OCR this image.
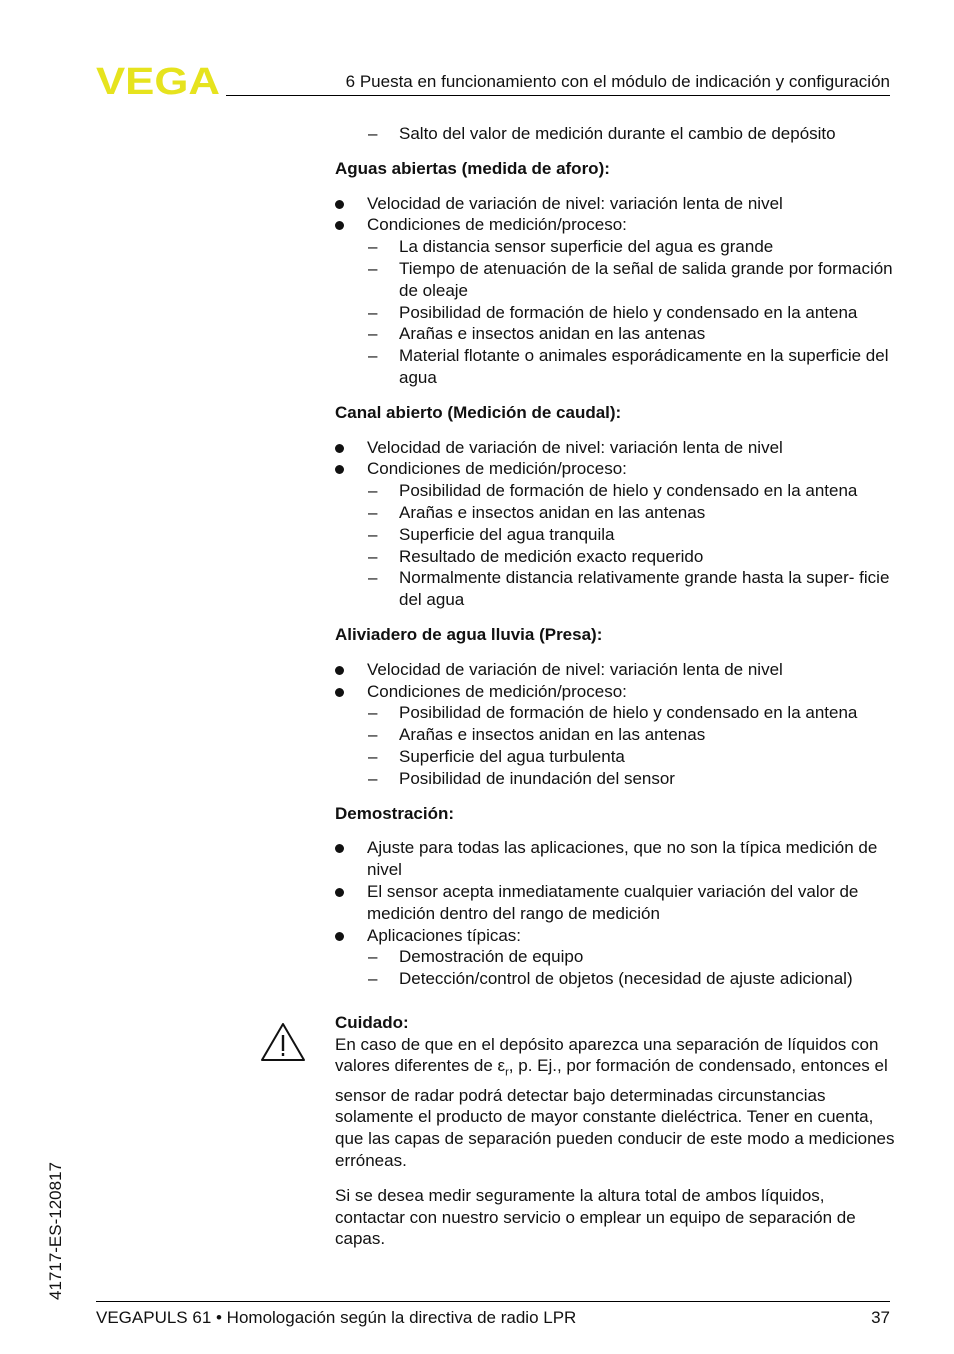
VEGA	6 Puesta en funcionamiento con el módulo de indicación y configuración
– Salto del valor de medición durante el cambio de depósito
Aguas abiertas (medida de aforo):
Velocidad de variación de nivel: variación lenta de nivel
Condiciones de medición/proceso:
– La distancia sensor superficie del agua es grande
– Tiempo de atenuación de la señal de salida grande por formación de oleaje
– Posibilidad de formación de hielo y condensado en la antena
– Arañas e insectos anidan en las antenas
– Material flotante o animales esporádicamente en la superficie del agua
Canal abierto (Medición de caudal):
Velocidad de variación de nivel: variación lenta de nivel
Condiciones de medición/proceso:
– Posibilidad de formación de hielo y condensado en la antena
– Arañas e insectos anidan en las antenas
– Superficie del agua tranquila
– Resultado de medición exacto requerido
– Normalmente distancia relativamente grande hasta la super- ficie del agua
Aliviadero de agua lluvia (Presa):
Velocidad de variación de nivel: variación lenta de nivel
Condiciones de medición/proceso:
– Posibilidad de formación de hielo y condensado en la antena
– Arañas e insectos anidan en las antenas
– Superficie del agua turbulenta
– Posibilidad de inundación del sensor
Demostración:
Ajuste para todas las aplicaciones, que no son la típica medición de nivel
El sensor acepta inmediatamente cualquier variación del valor de medición dentro del rango de medición
Aplicaciones típicas:
– Demostración de equipo
– Detección/control de objetos (necesidad de ajuste adicional)
Cuidado:
En caso de que en el depósito aparezca una separación de líquidos con valores diferentes de $\varepsilon_r$, p. Ej., por formación de condensado, entonces el sensor de radar podrá detectar bajo determinadas circunstancias solamente el producto de mayor constante dieléctrica. Tener en cuenta, que las capas de separación pueden conducir de este modo a mediciones erróneas.
Si se desea medir seguramente la altura total de ambos líquidos, contactar con nuestro servicio o emplear un equipo de separación de capas.
41717-ES-120817
VEGAPULS 61 • Homologación según la directiva de radio LPR	37
